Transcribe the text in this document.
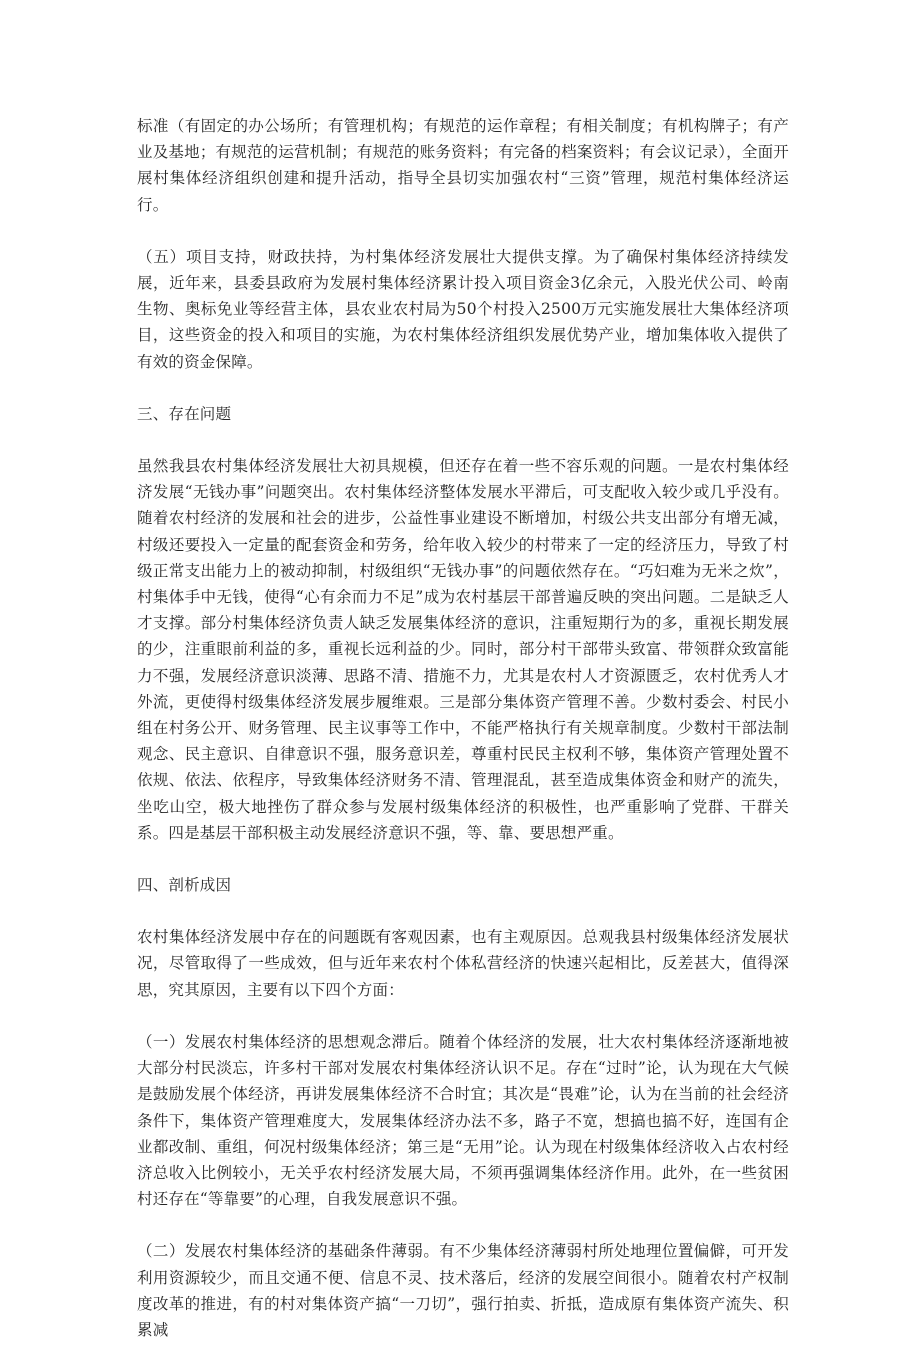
标准（有固定的办公场所；有管理机构；有规范的运作章程；有相关制度；有机构牌子；有产业及基地；有规范的运营机制；有规范的账务资料；有完备的档案资料；有会议记录），全面开展村集体经济组织创建和提升活动，指导全县切实加强农村“三资”管理，规范村集体经济运行。

（五）项目支持，财政扶持，为村集体经济发展壮大提供支撑。为了确保村集体经济持续发展，近年来，县委县政府为发展村集体经济累计投入项目资金3亿余元，入股光伏公司、岭南生物、奥标免业等经营主体，县农业农村局为50个村投入2500万元实施发展壮大集体经济项目，这些资金的投入和项目的实施，为农村集体经济组织发展优势产业，增加集体收入提供了有效的资金保障。

三、存在问题

虽然我县农村集体经济发展壮大初具规模，但还存在着一些不容乐观的问题。一是农村集体经济发展“无钱办事”问题突出。农村集体经济整体发展水平滞后，可支配收入较少或几乎没有。随着农村经济的发展和社会的进步，公益性事业建设不断增加，村级公共支出部分有增无减，村级还要投入一定量的配套资金和劳务，给年收入较少的村带来了一定的经济压力，导致了村级正常支出能力上的被动抑制，村级组织“无钱办事”的问题依然存在。“巧妇难为无米之炊”，村集体手中无钱，使得“心有余而力不足”成为农村基层干部普遍反映的突出问题。二是缺乏人才支撑。部分村集体经济负责人缺乏发展集体经济的意识，注重短期行为的多，重视长期发展的少，注重眼前利益的多，重视长远利益的少。同时，部分村干部带头致富、带领群众致富能力不强，发展经济意识淡薄、思路不清、措施不力，尤其是农村人才资源匮乏，农村优秀人才外流，更使得村级集体经济发展步履维艰。三是部分集体资产管理不善。少数村委会、村民小组在村务公开、财务管理、民主议事等工作中，不能严格执行有关规章制度。少数村干部法制观念、民主意识、自律意识不强，服务意识差，尊重村民民主权利不够，集体资产管理处置不依规、依法、依程序，导致集体经济财务不清、管理混乱，甚至造成集体资金和财产的流失，坐吃山空，极大地挫伤了群众参与发展村级集体经济的积极性，也严重影响了党群、干群关系。四是基层干部积极主动发展经济意识不强，等、靠、要思想严重。

四、剖析成因

农村集体经济发展中存在的问题既有客观因素，也有主观原因。总观我县村级集体经济发展状况，尽管取得了一些成效，但与近年来农村个体私营经济的快速兴起相比，反差甚大，值得深思，究其原因，主要有以下四个方面：

（一）发展农村集体经济的思想观念滞后。随着个体经济的发展，壮大农村集体经济逐渐地被大部分村民淡忘，许多村干部对发展农村集体经济认识不足。存在“过时”论，认为现在大气候是鼓励发展个体经济，再讲发展集体经济不合时宜；其次是“畏难”论，认为在当前的社会经济条件下，集体资产管理难度大，发展集体经济办法不多，路子不宽，想搞也搞不好，连国有企业都改制、重组，何况村级集体经济；第三是“无用”论。认为现在村级集体经济收入占农村经济总收入比例较小，无关乎农村经济发展大局，不须再强调集体经济作用。此外，在一些贫困村还存在“等靠要”的心理，自我发展意识不强。

（二）发展农村集体经济的基础条件薄弱。有不少集体经济薄弱村所处地理位置偏僻，可开发利用资源较少，而且交通不便、信息不灵、技术落后，经济的发展空间很小。随着农村产权制度改革的推进，有的村对集体资产搞“一刀切”，强行拍卖、折抵，造成原有集体资产流失、积累减
